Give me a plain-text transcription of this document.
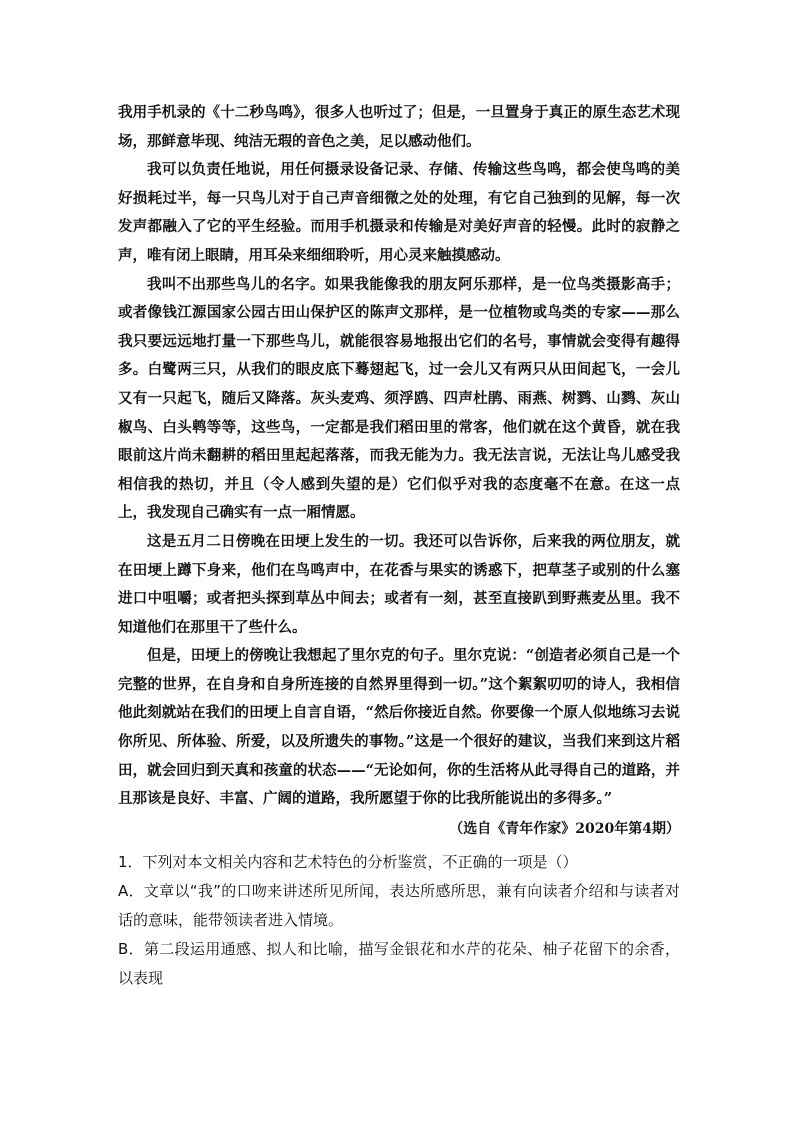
我用手机录的《十二秒鸟鸣》，很多人也听过了；但是，一旦置身于真正的原生态艺术现场，那鲜意毕现、纯洁无瑕的音色之美，足以感动他们。

我可以负责任地说，用任何摄录设备记录、存储、传输这些鸟鸣，都会使鸟鸣的美好损耗过半，每一只鸟儿对于自己声音细微之处的处理，有它自己独到的见解，每一次发声都融入了它的平生经验。而用手机摄录和传输是对美好声音的轻慢。此时的寂静之声，唯有闭上眼睛，用耳朵来细细聆听，用心灵来触摸感动。

我叫不出那些鸟儿的名字。如果我能像我的朋友阿乐那样，是一位鸟类摄影高手；或者像钱江源国家公园古田山保护区的陈声文那样，是一位植物或鸟类的专家——那么我只要远远地打量一下那些鸟儿，就能很容易地报出它们的名号，事情就会变得有趣得多。白鹭两三只，从我们的眼皮底下蓦翅起飞，过一会儿又有两只从田间起飞，一会儿又有一只起飞，随后又降落。灰头麦鸡、须浮鸥、四声杜鹃、雨燕、树鹨、山鹨、灰山椒鸟、白头鹎等等，这些鸟，一定都是我们稻田里的常客，他们就在这个黄昏，就在我眼前这片尚未翻耕的稻田里起起落落，而我无能为力。我无法言说，无法让鸟儿感受我相信我的热切，并且（令人感到失望的是）它们似乎对我的态度毫不在意。在这一点上，我发现自己确实有一点一厢情愿。

这是五月二日傍晚在田埂上发生的一切。我还可以告诉你，后来我的两位朋友，就在田埂上蹲下身来，他们在鸟鸣声中，在花香与果实的诱惑下，把草茎子或别的什么塞进口中咀嚼；或者把头探到草丛中间去；或者有一刻，甚至直接趴到野燕麦丛里。我不知道他们在那里干了些什么。

但是，田埂上的傍晚让我想起了里尔克的句子。里尔克说：“创造者必须自己是一个完整的世界，在自身和自身所连接的自然界里得到一切。”这个絮絮叨叨的诗人，我相信他此刻就站在我们的田埂上自言自语，“然后你接近自然。你要像一个原人似地练习去说你所见、所体验、所爱，以及所遗失的事物。”这是一个很好的建议，当我们来到这片稻田，就会回归到天真和孩童的状态——“无论如何，你的生活将从此寻得自己的道路，并且那该是良好、丰富、广阔的道路，我所愿望于你的比我所能说出的多得多。”

（选自《青年作家》2020年第4期）

1．下列对本文相关内容和艺术特色的分析鉴赏，不正确的一项是（）

A．文章以“我”的口吻来讲述所见所闻，表达所感所思，兼有向读者介绍和与读者对话的意味，能带领读者进入情境。

B．第二段运用通感、拟人和比喻，描写金银花和水芹的花朵、柚子花留下的余香，以表现
